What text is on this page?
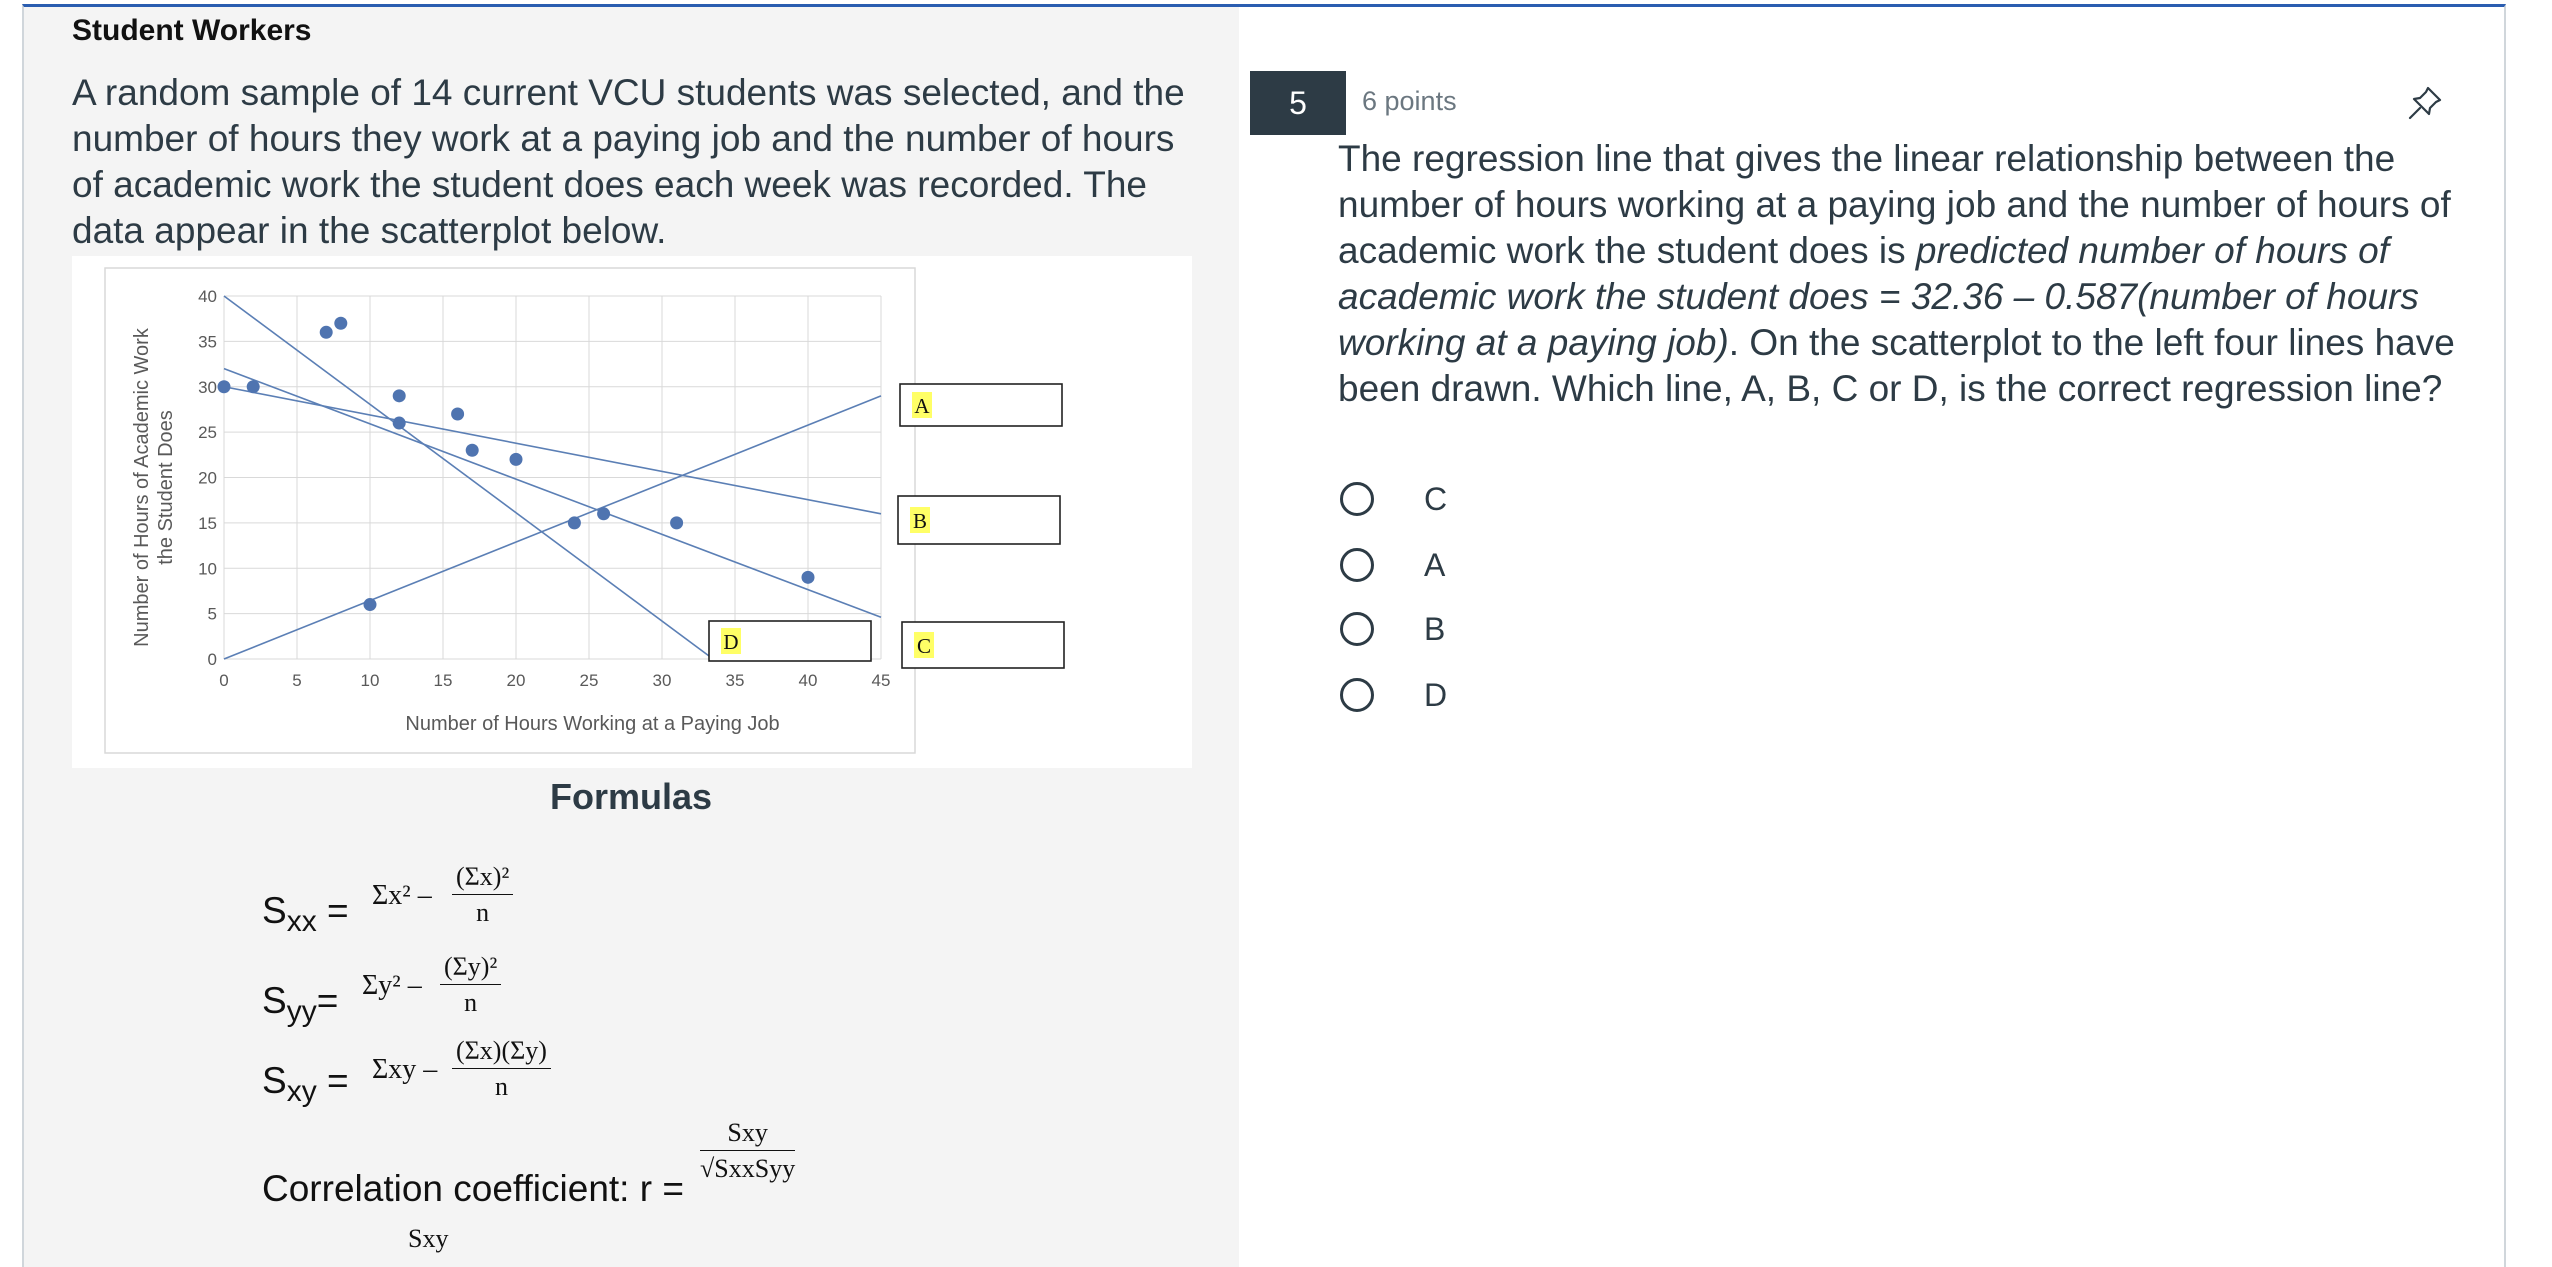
Student Workers
A random sample of 14 current VCU students was selected, and the number of hours they work at a paying job and the number of hours of academic work the student does each week was recorded. The data appear in the scatterplot below.
0	5	10	15	20	25	30	35	40	45
0
5
10
15
20
25
30
35
40
Number of Hours Working at a Paying Job
Number of Hours of Academic Work the Student Does
A
B
C
D
Formulas
$S_{xx} = \Sigma x^2 - \frac{\text{(Σx)²}}{n}$
$S_{yy}= \Sigma y^2 - \frac{\text{(Σy)²}}{n}$
$S_{xy} = \Sigma xy - \frac{(\Sigma x)(\Sigma y)}{n}$
Correlation coefficient: r =
Sxy
√SxxSyy
Sxy
5	6 points
The regression line that gives the linear relationship between the number of hours working at a paying job and the number of hours of academic work the student does is predicted number of hours of academic work the student does = 32.36 – 0.587(number of hours working at a paying job). On the scatterplot to the left four lines have been drawn. Which line, A, B, C or D, is the correct regression line?
C
A
B
D
